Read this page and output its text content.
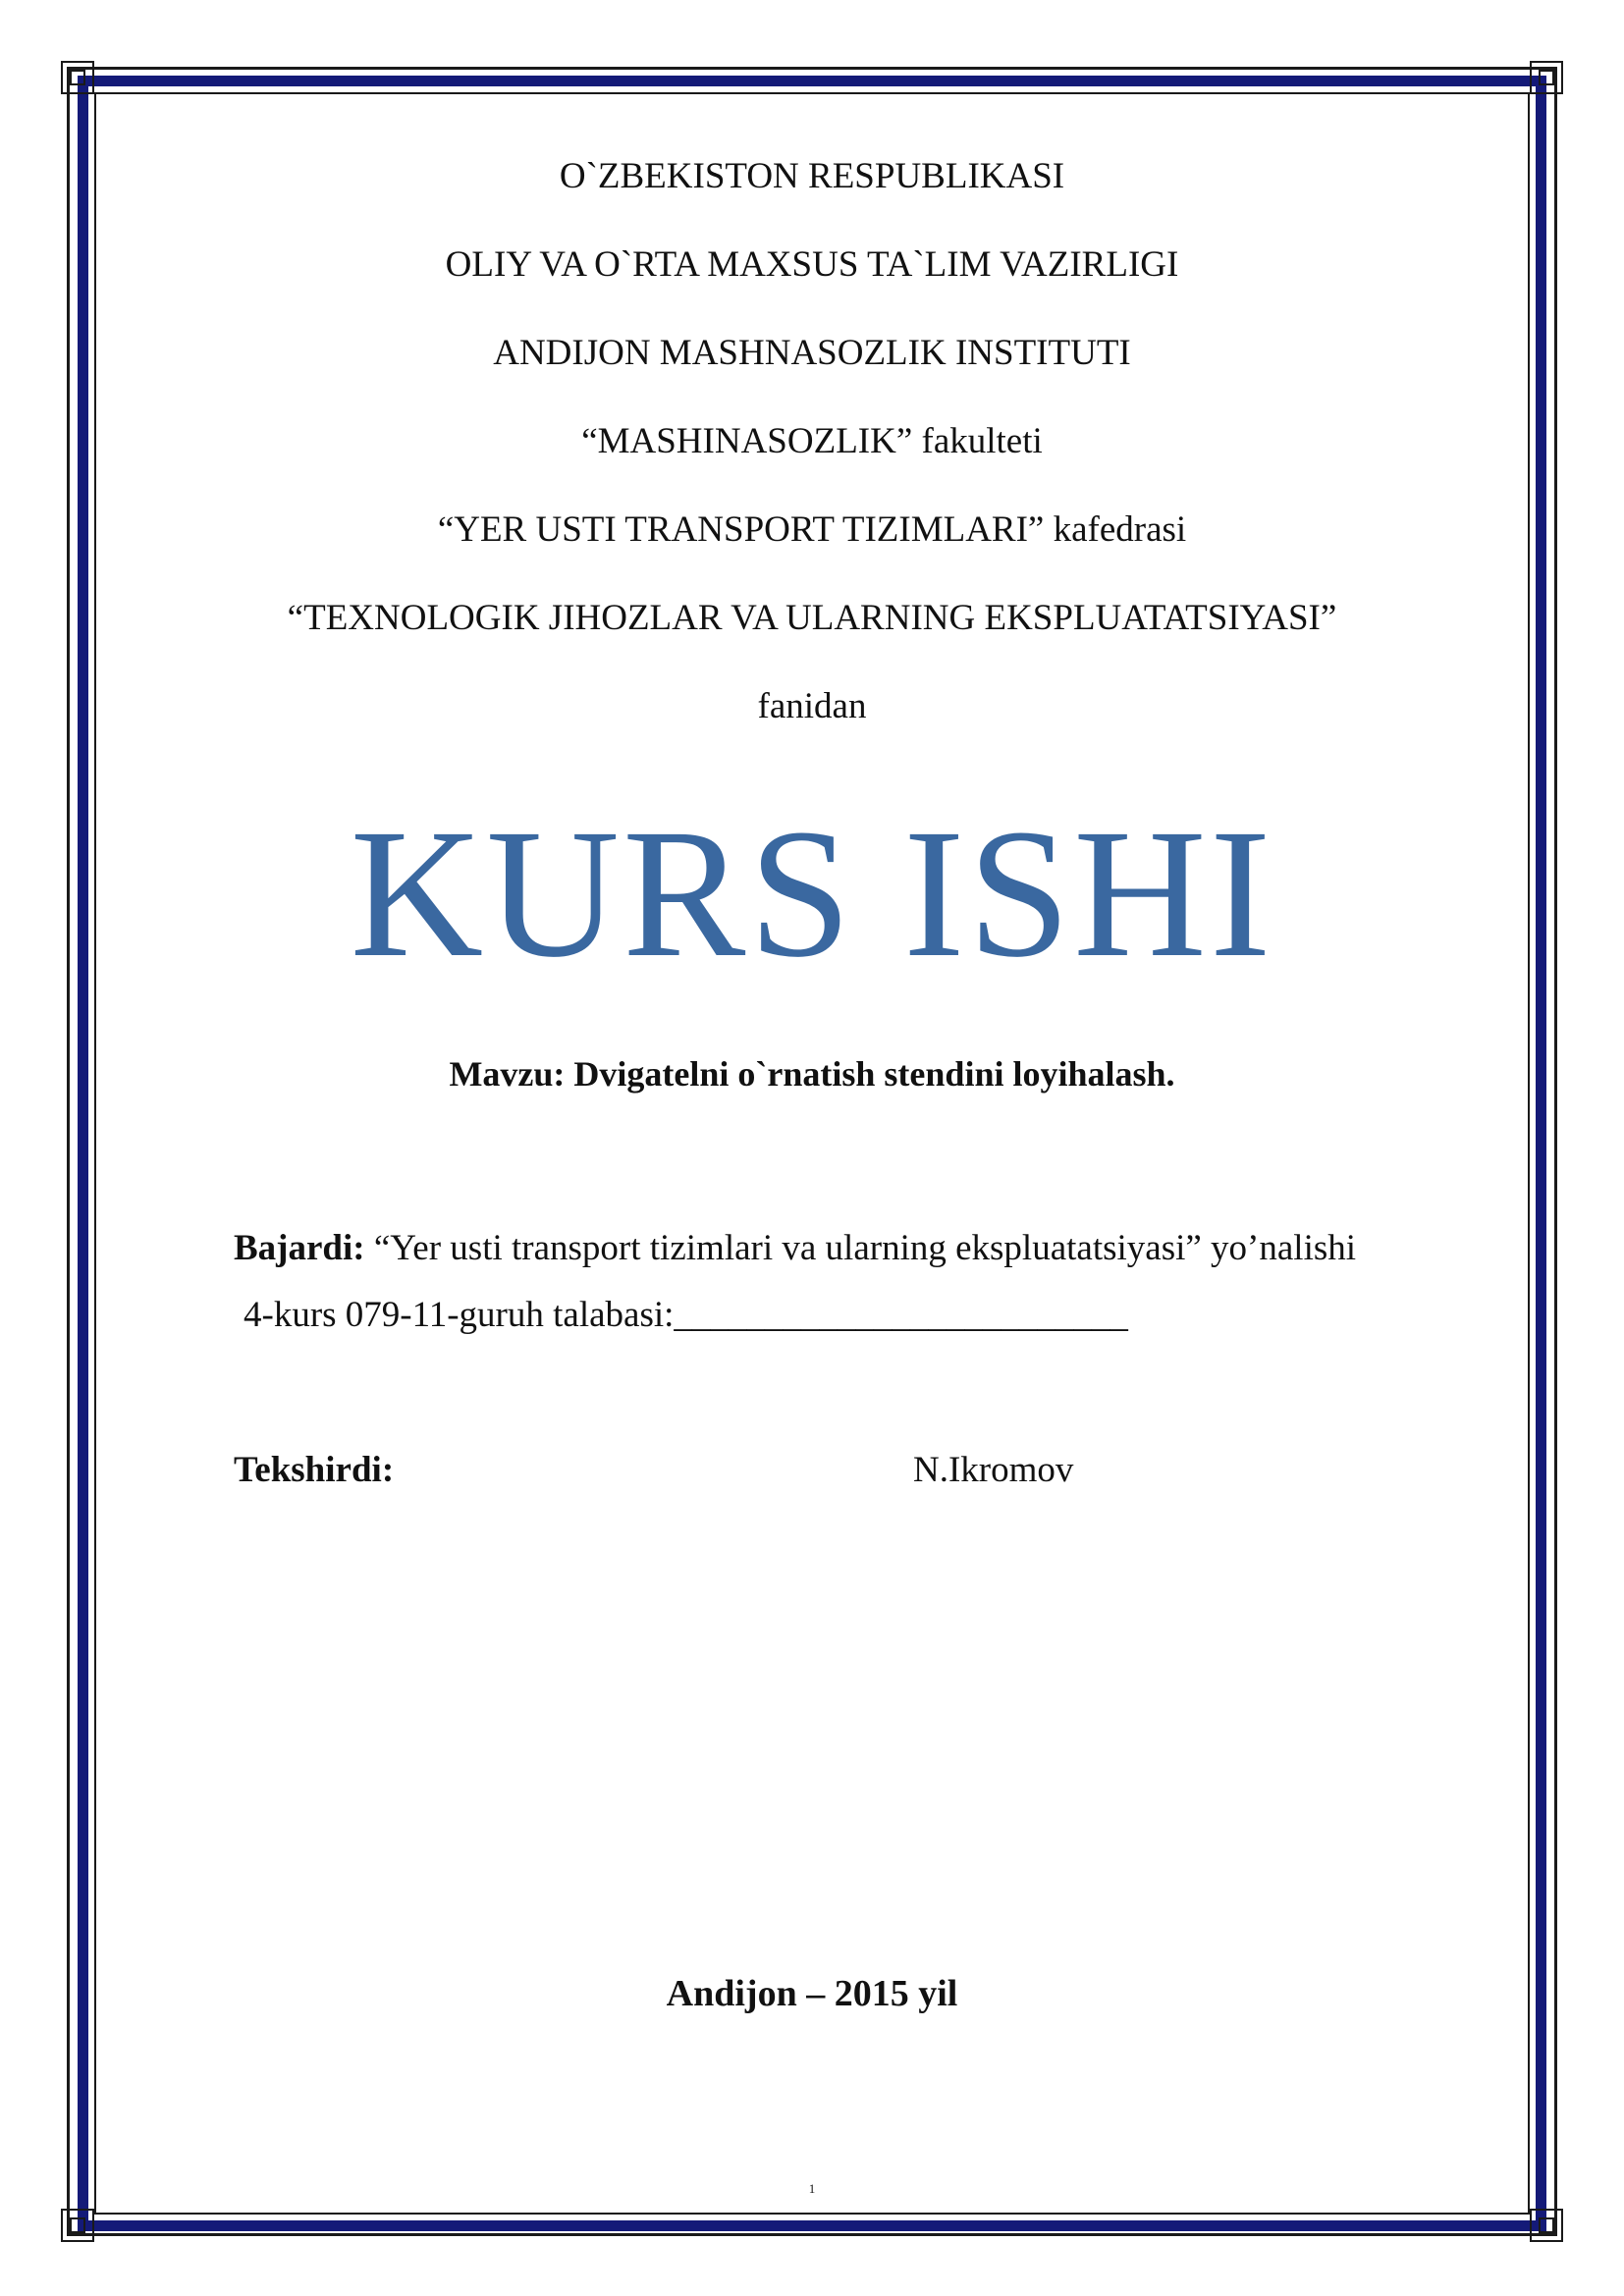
O`ZBEKISTON RESPUBLIKASI
OLIY VA O`RTA MAXSUS TA`LIM VAZIRLIGI
ANDIJON MASHNASOZLIK INSTITUTI
“MASHINASOZLIK” fakulteti
“YER USTI TRANSPORT TIZIMLARI” kafedrasi
“TEXNOLOGIK JIHOZLAR VA ULARNING EKSPLUATATSIYASI”
fanidan
KURS ISHI
Mavzu: Dvigatelni o`rnatish stendini loyihalash.
Bajardi: “Yer usti transport tizimlari va ularning ekspluatatsiyasi” yo’nalishi
4-kurs 079-11-guruh talabasi:_________________________
Tekshirdi:	N.Ikromov
Andijon – 2015 yil
1
